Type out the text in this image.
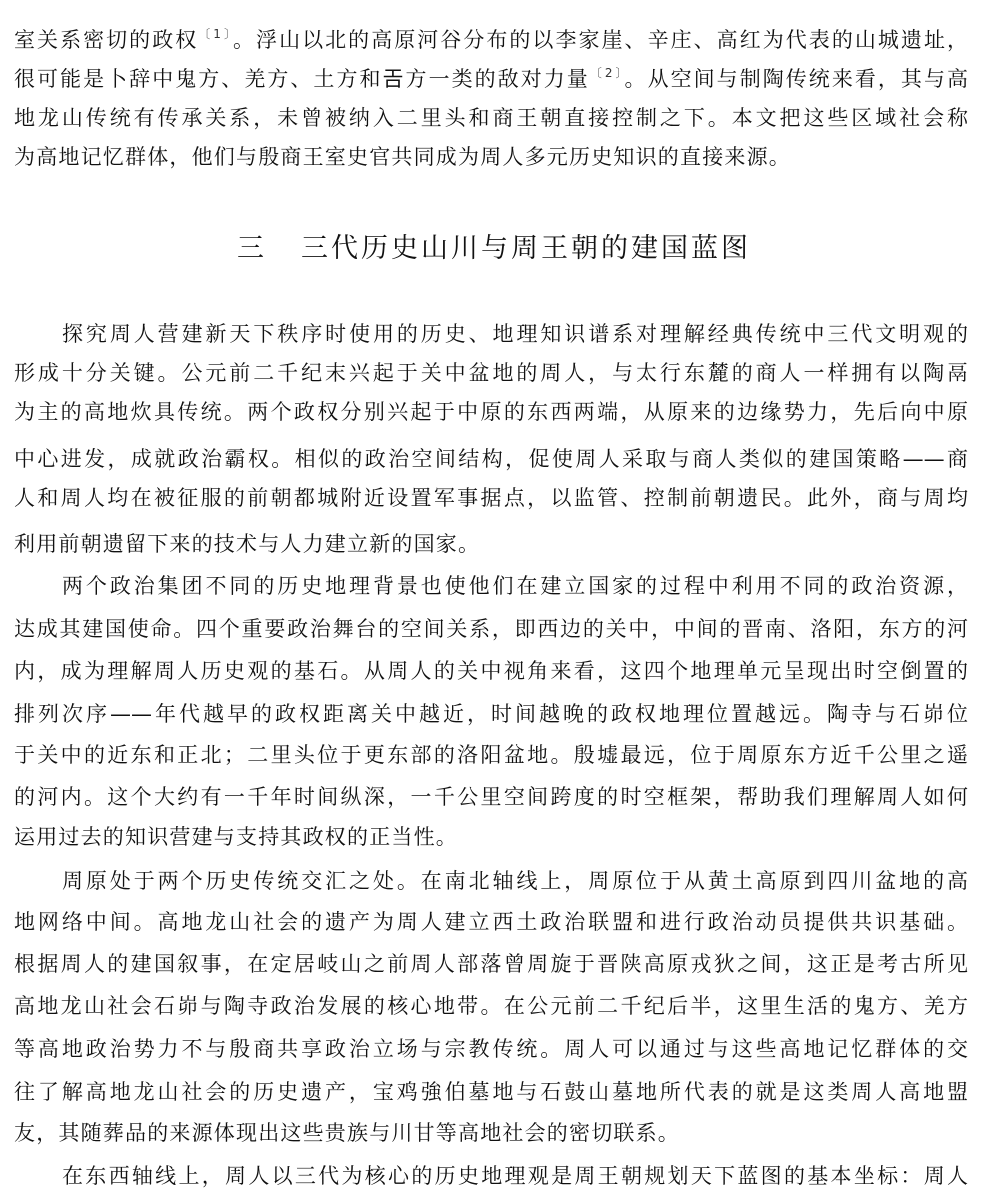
室关系密切的政权$^{〔1〕}$。浮山以北的高原河谷分布的以李家崖、辛庄、高红为代表的山城遗址，
很可能是卜辞中鬼方、羌方、土方和𢀛方一类的敌对力量$^{〔2〕}$。从空间与制陶传统来看，其与高
地龙山传统有传承关系，未曾被纳入二里头和商王朝直接控制之下。本文把这些区域社会称
为高地记忆群体，他们与殷商王室史官共同成为周人多元历史知识的直接来源。
三 三代历史山川与周王朝的建国蓝图
探究周人营建新天下秩序时使用的历史、地理知识谱系对理解经典传统中三代文明观的
形成十分关键。公元前二千纪末兴起于关中盆地的周人，与太行东麓的商人一样拥有以陶鬲
为主的高地炊具传统。两个政权分别兴起于中原的东西两端，从原来的边缘势力，先后向中原
中心进发，成就政治霸权。相似的政治空间结构，促使周人采取与商人类似的建国策略——商
人和周人均在被征服的前朝都城附近设置军事据点，以监管、控制前朝遗民。此外，商与周均
利用前朝遗留下来的技术与人力建立新的国家。
两个政治集团不同的历史地理背景也使他们在建立国家的过程中利用不同的政治资源，
达成其建国使命。四个重要政治舞台的空间关系，即西边的关中，中间的晋南、洛阳，东方的河
内，成为理解周人历史观的基石。从周人的关中视角来看，这四个地理单元呈现出时空倒置的
排列次序——年代越早的政权距离关中越近，时间越晚的政权地理位置越远。陶寺与石峁位
于关中的近东和正北；二里头位于更东部的洛阳盆地。殷墟最远，位于周原东方近千公里之遥
的河内。这个大约有一千年时间纵深，一千公里空间跨度的时空框架，帮助我们理解周人如何
运用过去的知识营建与支持其政权的正当性。
周原处于两个历史传统交汇之处。在南北轴线上，周原位于从黄土高原到四川盆地的高
地网络中间。高地龙山社会的遗产为周人建立西土政治联盟和进行政治动员提供共识基础。
根据周人的建国叙事，在定居岐山之前周人部落曾周旋于晋陕高原戎狄之间，这正是考古所见
高地龙山社会石峁与陶寺政治发展的核心地带。在公元前二千纪后半，这里生活的鬼方、羌方
等高地政治势力不与殷商共享政治立场与宗教传统。周人可以通过与这些高地记忆群体的交
往了解高地龙山社会的历史遗产，宝鸡強伯墓地与石鼓山墓地所代表的就是这类周人高地盟
友，其随葬品的来源体现出这些贵族与川甘等高地社会的密切联系。
在东西轴线上，周人以三代为核心的历史地理观是周王朝规划天下蓝图的基本坐标：周人
